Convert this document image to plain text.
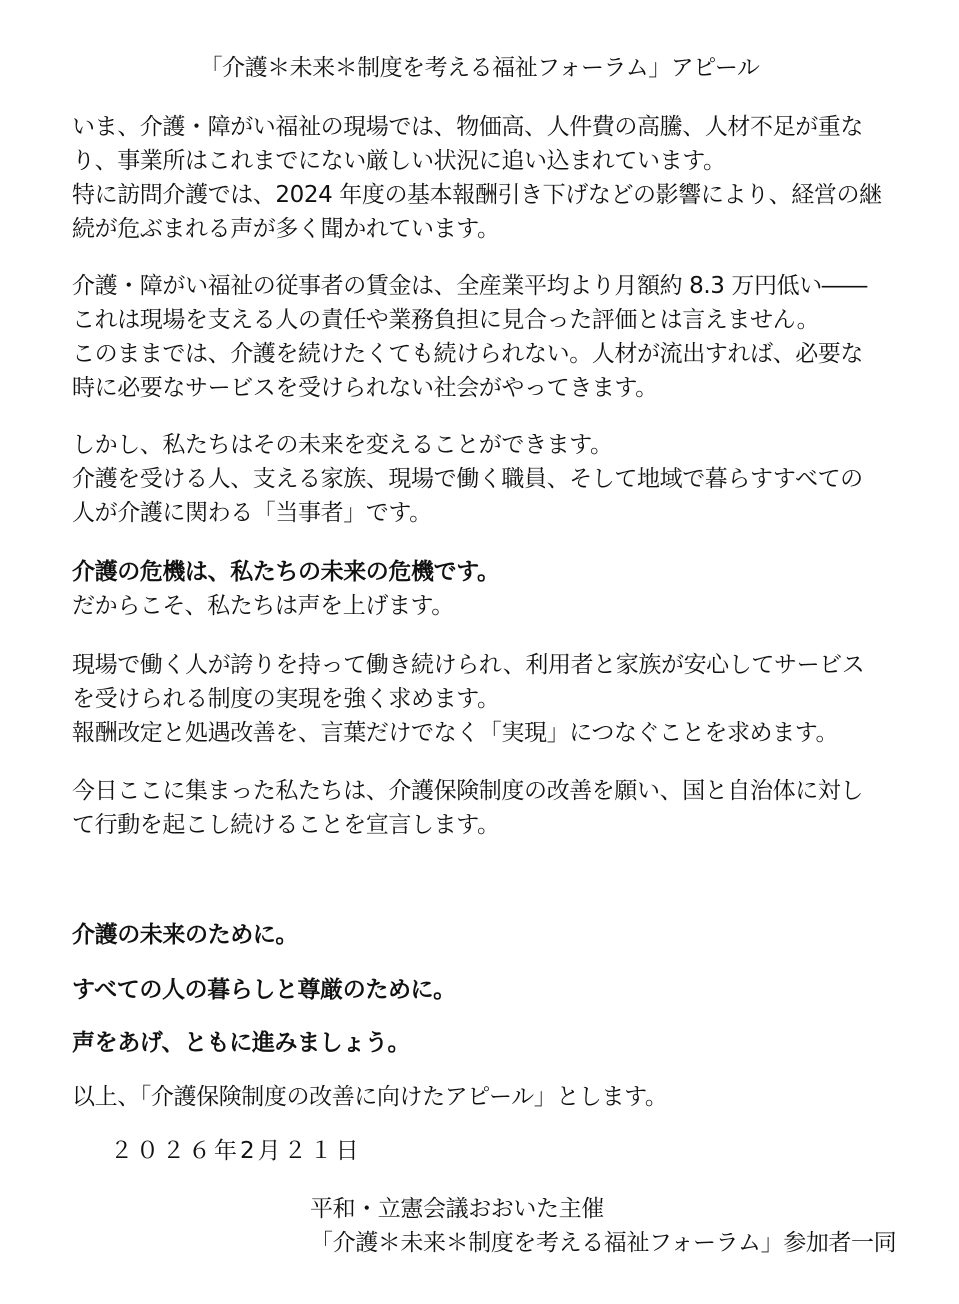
「介護＊未来＊制度を考える福祉フォーラム」アピール

いま、介護・障がい福祉の現場では、物価高、人件費の高騰、人材不足が重な
り、事業所はこれまでにない厳しい状況に追い込まれています。
特に訪問介護では、2024 年度の基本報酬引き下げなどの影響により、経営の継
続が危ぶまれる声が多く聞かれています。

介護・障がい福祉の従事者の賃金は、全産業平均より月額約 8.3 万円低い――
これは現場を支える人の責任や業務負担に見合った評価とは言えません。
このままでは、介護を続けたくても続けられない。人材が流出すれば、必要な
時に必要なサービスを受けられない社会がやってきます。

しかし、私たちはその未来を変えることができます。
介護を受ける人、支える家族、現場で働く職員、そして地域で暮らすすべての
人が介護に関わる「当事者」です。

介護の危機は、私たちの未来の危機です。
だからこそ、私たちは声を上げます。

現場で働く人が誇りを持って働き続けられ、利用者と家族が安心してサービス
を受けられる制度の実現を強く求めます。
報酬改定と処遇改善を、言葉だけでなく「実現」につなぐことを求めます。

今日ここに集まった私たちは、介護保険制度の改善を願い、国と自治体に対し
て行動を起こし続けることを宣言します。

介護の未来のために。

すべての人の暮らしと尊厳のために。

声をあげ、ともに進みましょう。

以上、「介護保険制度の改善に向けたアピール」とします。

２０２６年2月２１日

平和・立憲会議おおいた主催
「介護＊未来＊制度を考える福祉フォーラム」参加者一同
